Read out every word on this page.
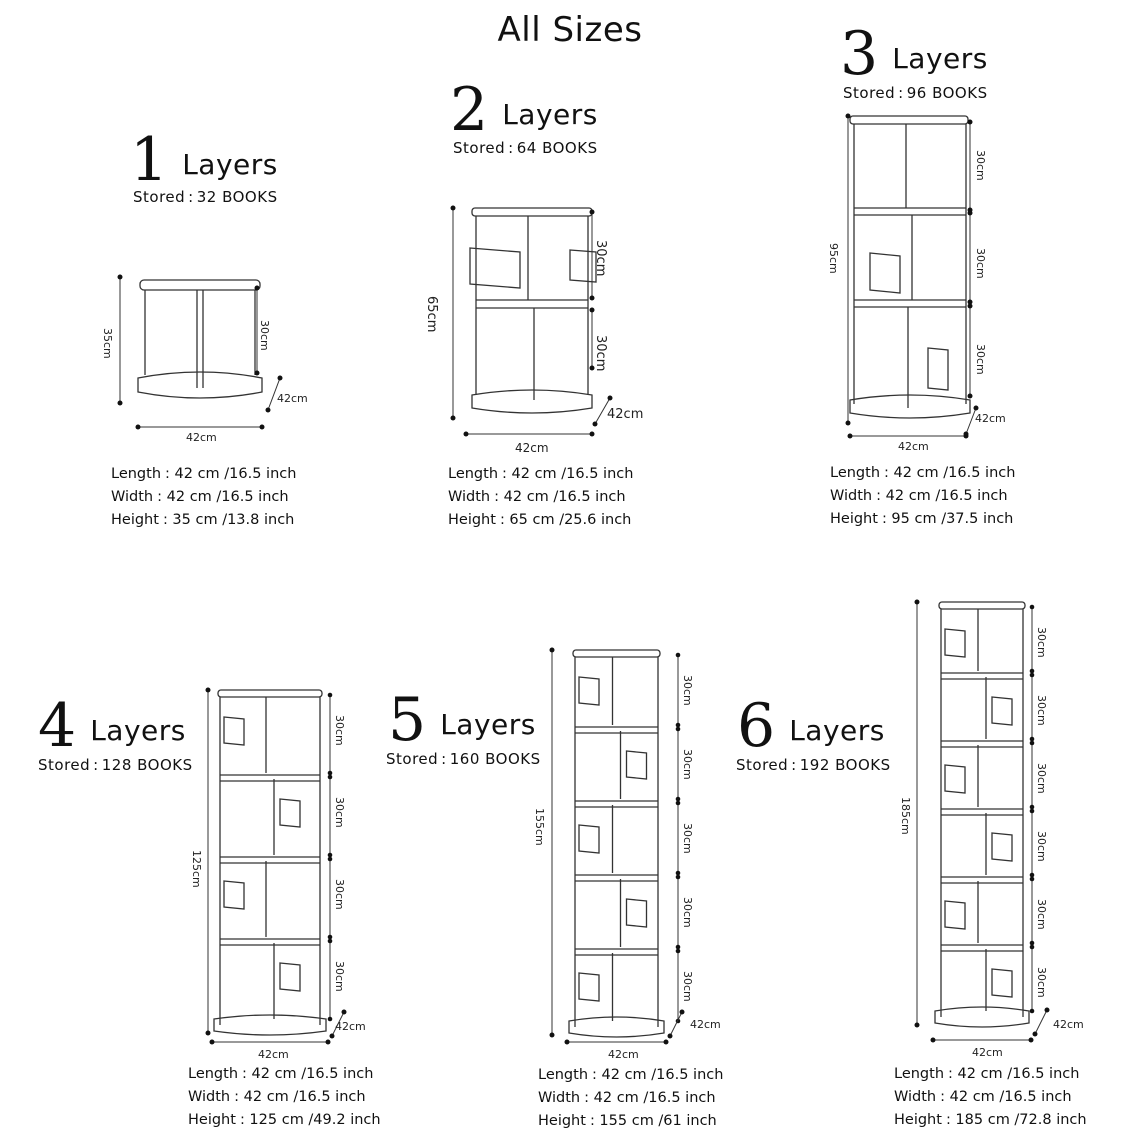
All Sizes
1 Layers
Stored : 32 BOOKS
35cm	30cm
42cm
42cm
Length : 42 cm /16.5 inch
Width : 42 cm /16.5 inch
Height : 35 cm /13.8 inch
2 Layers
Stored : 64 BOOKS
65cm
30cm
30cm
42cm
42cm
Length : 42 cm /16.5 inch
Width : 42 cm /16.5 inch
Height : 65 cm /25.6 inch
3 Layers
Stored : 96 BOOKS
95cm
30cm
30cm
30cm
42cm
42cm
Length : 42 cm /16.5 inch
Width : 42 cm /16.5 inch
Height : 95 cm /37.5 inch
4 Layers
Stored : 128 BOOKS
30cm
30cm
30cm
30cm
125cm
42cm
42cm
Length : 42 cm /16.5 inch
Width : 42 cm /16.5 inch
Height : 125 cm /49.2 inch
5 Layers
Stored : 160 BOOKS
30cm
30cm
30cm
30cm
30cm
155cm
42cm
42cm
Length : 42 cm /16.5 inch
Width : 42 cm /16.5 inch
Height : 155 cm /61 inch
6 Layers
Stored : 192 BOOKS
30cm
30cm
30cm
30cm
30cm
30cm
185cm
42cm
42cm
Length : 42 cm /16.5 inch
Width : 42 cm /16.5 inch
Height : 185 cm /72.8 inch
